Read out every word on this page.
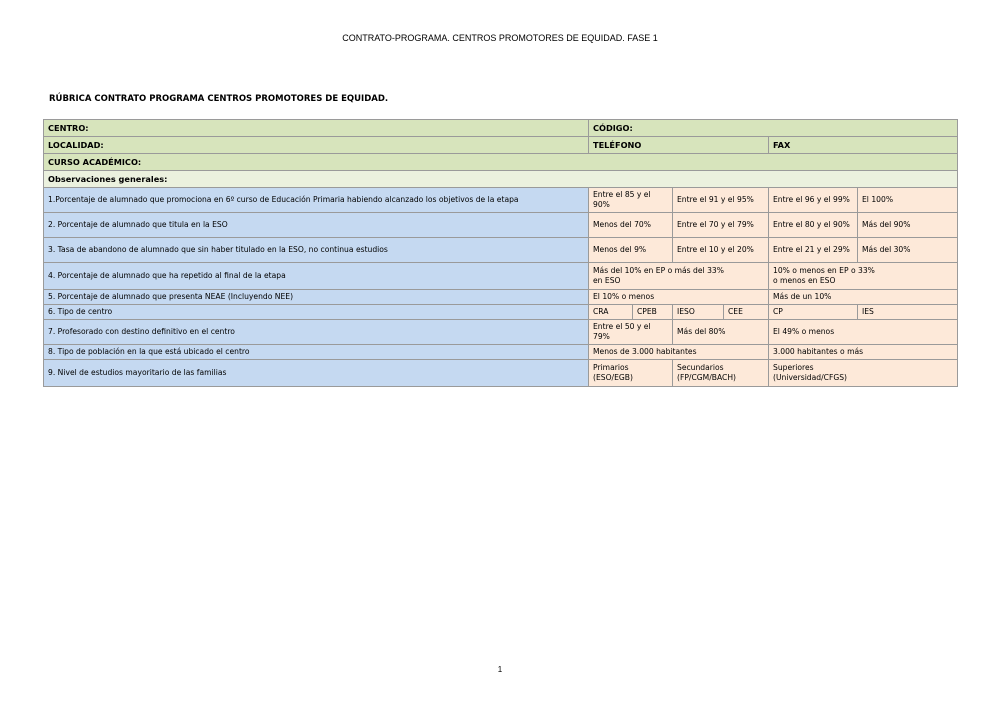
CONTRATO-PROGRAMA. CENTROS PROMOTORES DE EQUIDAD. FASE 1
RÚBRICA CONTRATO PROGRAMA CENTROS PROMOTORES DE EQUIDAD.
CENTRO:	CÓDIGO:					
LOCALIDAD:	TELÉFONO				FAX	
CURSO ACADÉMICO:						
Observaciones generales:						
1.Porcentaje de alumnado que promociona en 6º curso de Educación Primaria habiendo alcanzado los objetivos de la etapa	Entre el 85 y el 90%		Entre el 91 y el 95%		Entre el 96 y el 99%	El 100%
2. Porcentaje de alumnado que titula en la ESO	Menos del 70%		Entre el 70 y el 79%		Entre el 80 y el 90%	Más del 90%
3. Tasa de abandono de alumnado que sin haber titulado en la ESO, no continua estudios	Menos del 9%		Entre el 10 y el 20%		Entre el 21 y el 29%	Más del 30%
4. Porcentaje de alumnado que ha repetido al final de la etapa	Más del 10% en EP o más del 33% en ESO				10% o menos en EP o 33% o menos en ESO	
5. Porcentaje de alumnado que presenta NEAE (Incluyendo NEE)	El 10% o menos				Más de un 10%	
6. Tipo de centro	CRA	CPEB	IESO	CEE	CP	IES
7. Profesorado con destino definitivo en el centro	Entre el 50 y el 79%		Más del 80%		El 49% o menos	
8. Tipo de población en la que está ubicado el centro	Menos de 3.000 habitantes				3.000 habitantes o más	
9. Nivel de estudios mayoritario de las familias	Primarios (ESO/EGB)		Secundarios (FP/CGM/BACH)		Superiores (Universidad/CFGS)	
1
